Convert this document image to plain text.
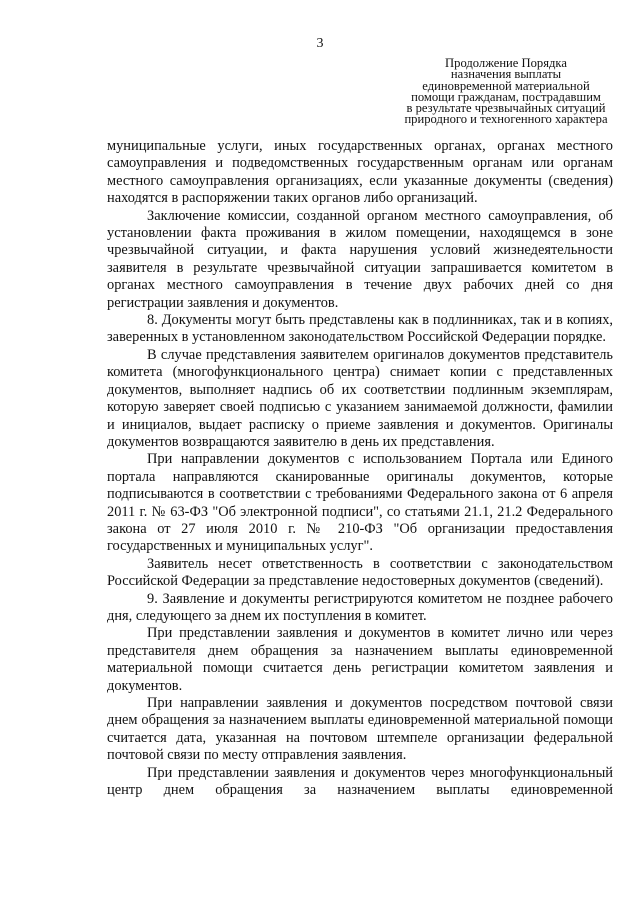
3
Продолжение Порядка
назначения выплаты
единовременной материальной
помощи гражданам, пострадавшим
в результате чрезвычайных ситуаций
природного и техногенного характера

муниципальные услуги, иных государственных органах, органах местного самоуправления и подведомственных государственным органам или органам местного самоуправления организациях, если указанные документы (сведения) находятся в распоряжении таких органов либо организаций.

Заключение комиссии, созданной органом местного самоуправления, об установлении факта проживания в жилом помещении, находящемся в зоне чрезвычайной ситуации, и факта нарушения условий жизнедеятельности заявителя в результате чрезвычайной ситуации запрашивается комитетом в органах местного самоуправления в течение двух рабочих дней со дня регистрации заявления и документов.

8. Документы могут быть представлены как в подлинниках, так и в копиях, заверенных в установленном законодательством Российской Федерации порядке.

В случае представления заявителем оригиналов документов представитель комитета (многофункционального центра) снимает копии с представленных документов, выполняет надпись об их соответствии подлинным экземплярам, которую заверяет своей подписью с указанием занимаемой должности, фамилии и инициалов, выдает расписку о приеме заявления и документов. Оригиналы документов возвращаются заявителю в день их представления.

При направлении документов с использованием Портала или Единого портала направляются сканированные оригиналы документов, которые подписываются в соответствии с требованиями Федерального закона от 6 апреля 2011 г. № 63-ФЗ "Об электронной подписи", со статьями 21.1, 21.2 Федерального закона от 27 июля 2010 г. № 210-ФЗ "Об организации предоставления государственных и муниципальных услуг".

Заявитель несет ответственность в соответствии с законодательством Российской Федерации за представление недостоверных документов (сведений).

9. Заявление и документы регистрируются комитетом не позднее рабочего дня, следующего за днем их поступления в комитет.

При представлении заявления и документов в комитет лично или через представителя днем обращения за назначением выплаты единовременной материальной помощи считается день регистрации комитетом заявления и документов.

При направлении заявления и документов посредством почтовой связи днем обращения за назначением выплаты единовременной материальной помощи считается дата, указанная на почтовом штемпеле организации федеральной почтовой связи по месту отправления заявления.

При представлении заявления и документов через многофункциональный центр днем обращения за назначением выплаты единовременной
